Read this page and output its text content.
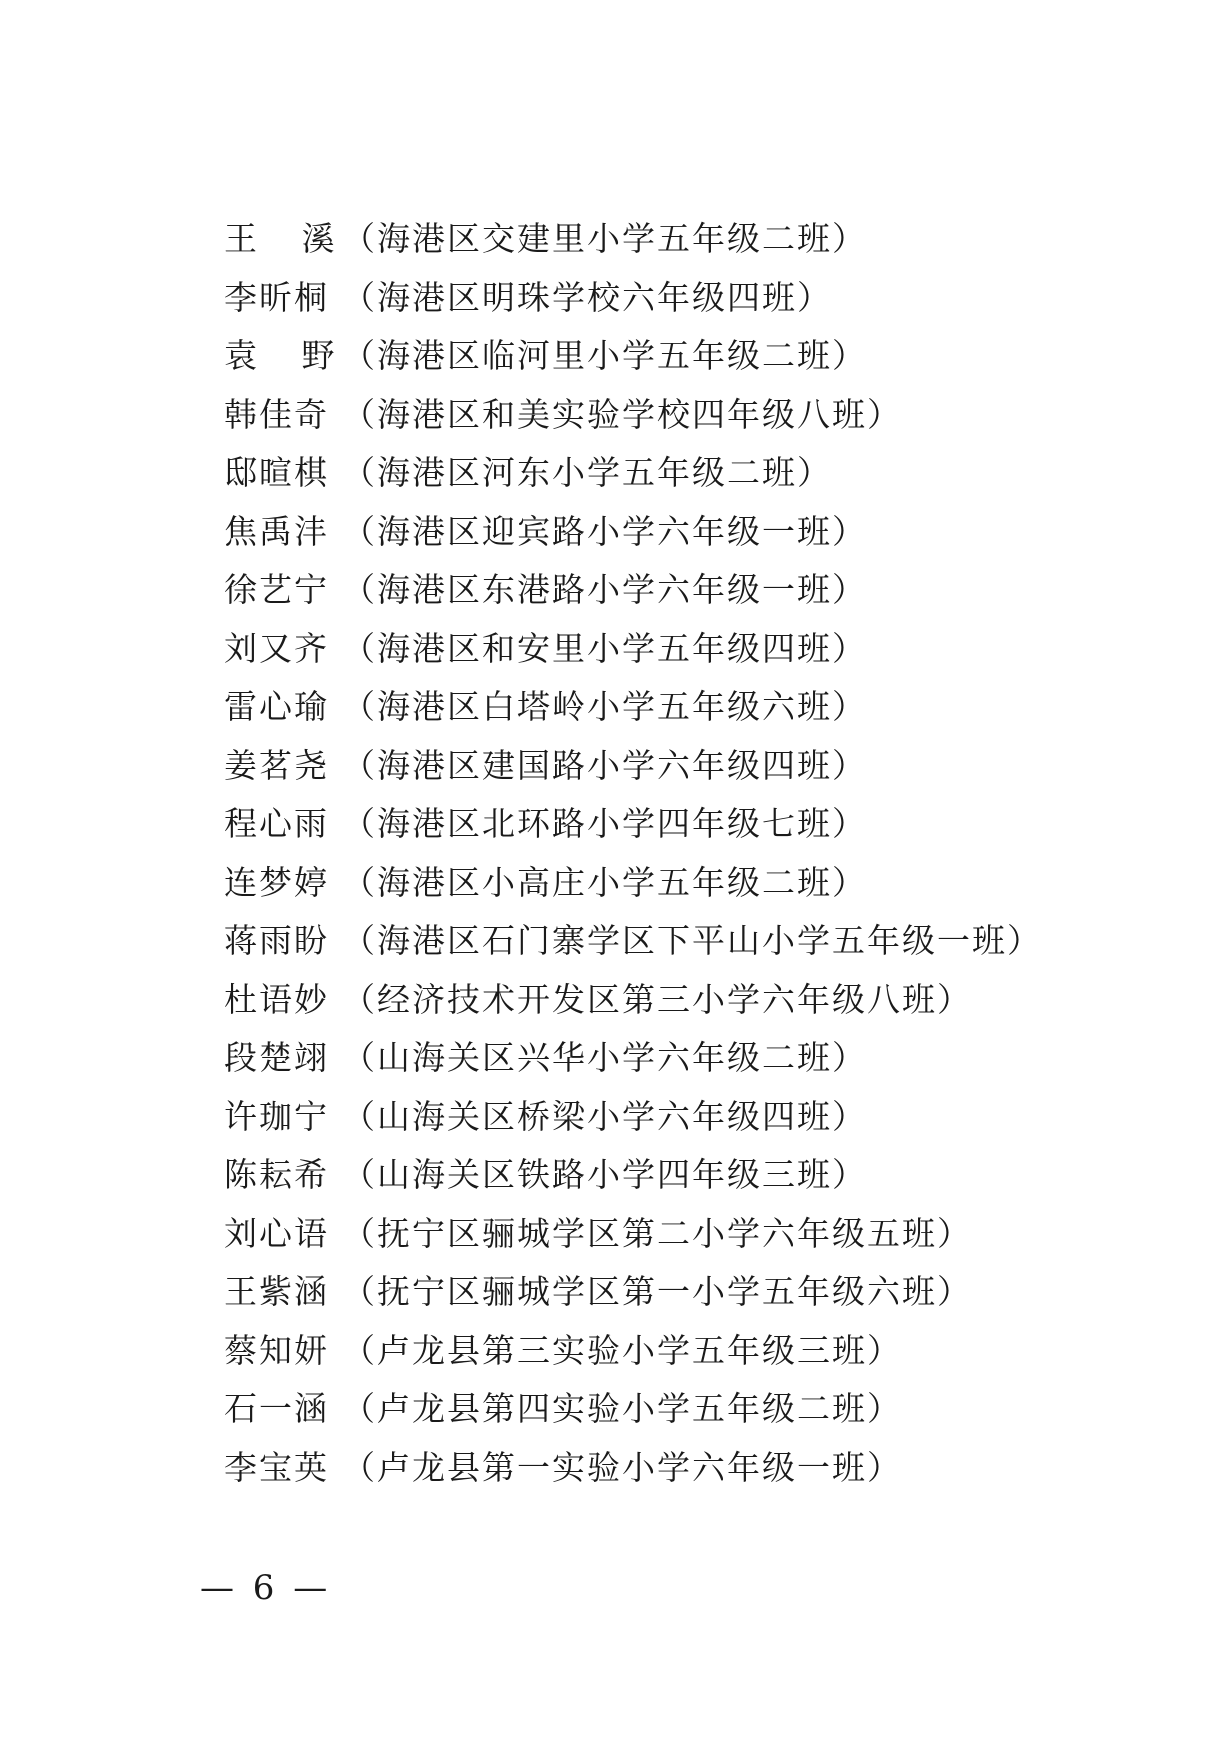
王溪（海港区交建里小学五年级二班）
李昕桐 （海港区明珠学校六年级四班）
袁野（海港区临河里小学五年级二班）
韩佳奇 （海港区和美实验学校四年级八班）
邸暄棋 （海港区河东小学五年级二班）
焦禹沣 （海港区迎宾路小学六年级一班）
徐艺宁 （海港区东港路小学六年级一班）
刘又齐 （海港区和安里小学五年级四班）
雷心瑜 （海港区白塔岭小学五年级六班）
姜茗尧 （海港区建国路小学六年级四班）
程心雨 （海港区北环路小学四年级七班）
连梦婷 （海港区小高庄小学五年级二班）
蒋雨盼 （海港区石门寨学区下平山小学五年级一班）
杜语妙 （经济技术开发区第三小学六年级八班）
段楚翊 （山海关区兴华小学六年级二班）
许珈宁 （山海关区桥梁小学六年级四班）
陈耘希 （山海关区铁路小学四年级三班）
刘心语 （抚宁区骊城学区第二小学六年级五班）
王紫涵 （抚宁区骊城学区第一小学五年级六班）
蔡知妍 （卢龙县第三实验小学五年级三班）
石一涵 （卢龙县第四实验小学五年级二班）
李宝英 （卢龙县第一实验小学六年级一班）
— 6 —
